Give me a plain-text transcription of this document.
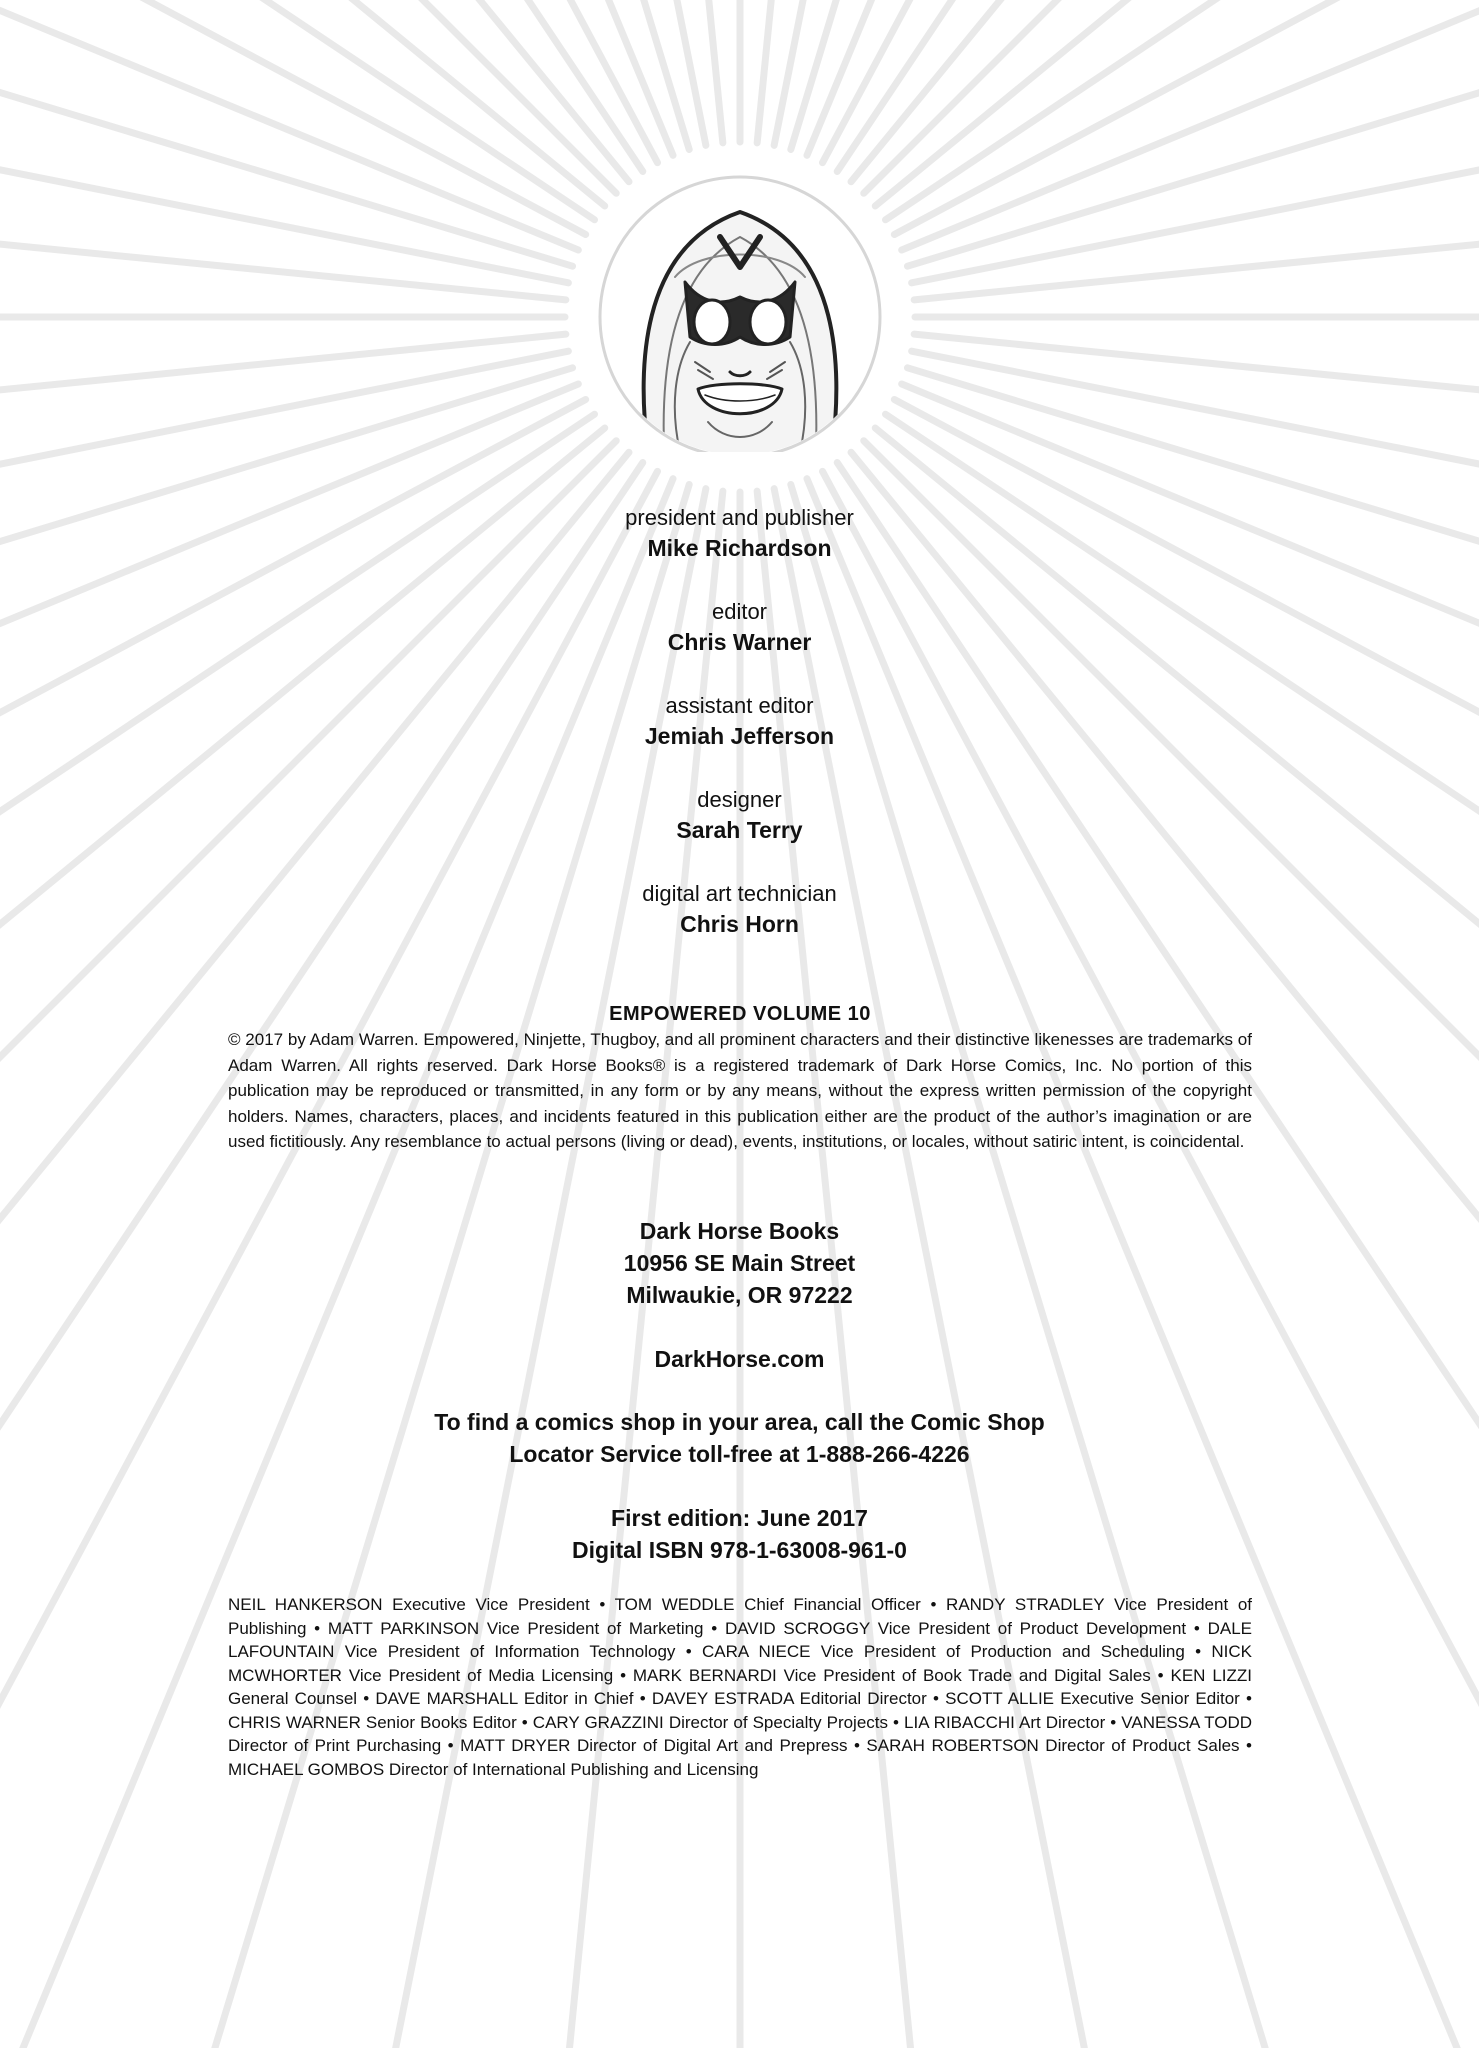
president and publisher
Mike Richardson
editor
Chris Warner
assistant editor
Jemiah Jefferson
designer
Sarah Terry
digital art technician
Chris Horn
EMPOWERED VOLUME 10

© 2017 by Adam Warren. Empowered, Ninjette, Thugboy, and all prominent characters and their distinctive likenesses are trademarks of Adam Warren. All rights reserved. Dark Horse Books® is a registered trademark of Dark Horse Comics, Inc. No portion of this publication may be reproduced or transmitted, in any form or by any means, without the express written permission of the copyright holders. Names, characters, places, and incidents featured in this publication either are the product of the author’s imagination or are used fictitiously. Any resemblance to actual persons (living or dead), events, institutions, or locales, without satiric intent, is coincidental.

Dark Horse Books
10956 SE Main Street
Milwaukie, OR 97222
DarkHorse.com
To find a comics shop in your area, call the Comic Shop
Locator Service toll-free at 1-888-266-4226
First edition: June 2017
Digital ISBN 978-1-63008-961-0

NEIL HANKERSON Executive Vice President • TOM WEDDLE Chief Financial Officer • RANDY STRADLEY Vice President of Publishing • MATT PARKINSON Vice President of Marketing • DAVID SCROGGY Vice President of Product Development • DALE LAFOUNTAIN Vice President of Information Technology • CARA NIECE Vice President of Production and Scheduling • NICK MCWHORTER Vice President of Media Licensing • MARK BERNARDI Vice President of Book Trade and Digital Sales • KEN LIZZI General Counsel • DAVE MARSHALL Editor in Chief • DAVEY ESTRADA Editorial Director • SCOTT ALLIE Executive Senior Editor • CHRIS WARNER Senior Books Editor • CARY GRAZZINI Director of Specialty Projects • LIA RIBACCHI Art Director • VANESSA TODD Director of Print Purchasing • MATT DRYER Director of Digital Art and Prepress • SARAH ROBERTSON Director of Product Sales • MICHAEL GOMBOS Director of International Publishing and Licensing
